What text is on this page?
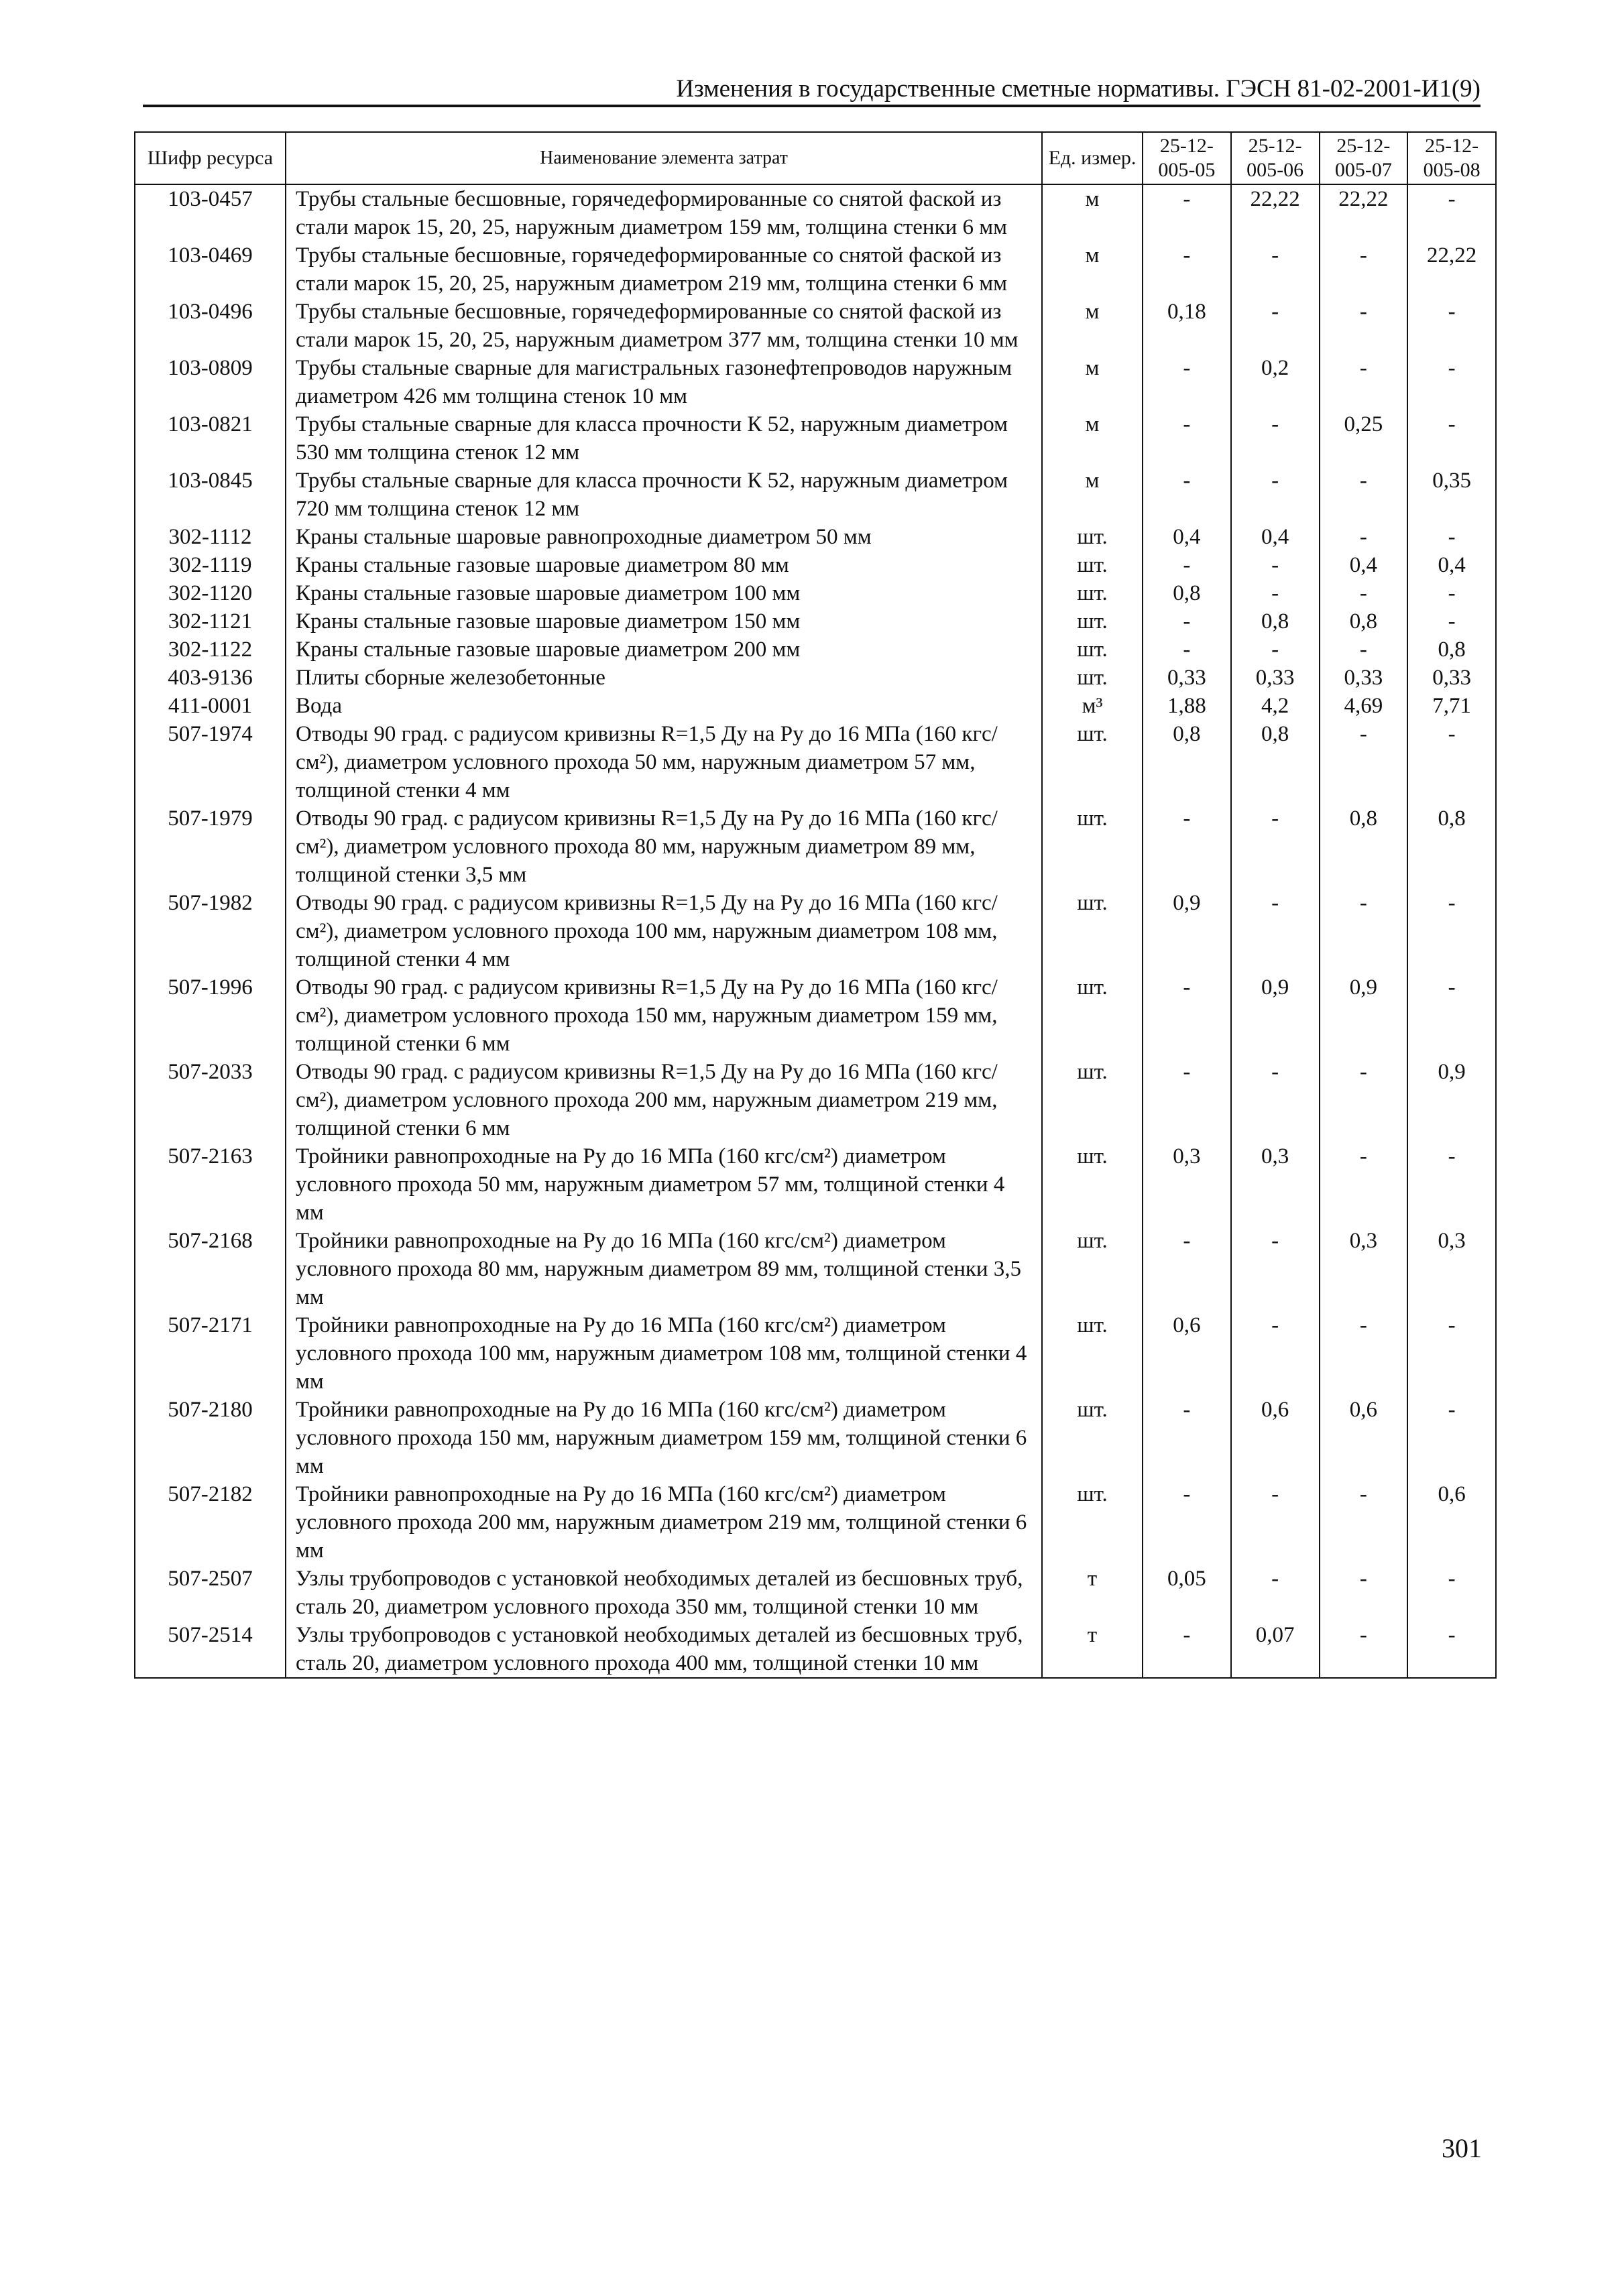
Изменения в государственные сметные нормативы. ГЭСН 81-02-2001-И1(9)
Шифр ресурса	Наименование элемента затрат	Ед. измер.	25-12-005-05	25-12-005-06	25-12-005-07	25-12-005-08
103-0457	Трубы стальные бесшовные, горячедеформированные со снятой фаской из стали марок 15, 20, 25, наружным диаметром 159 мм, толщина стенки 6 мм	м	-	22,22	22,22	-
103-0469	Трубы стальные бесшовные, горячедеформированные со снятой фаской из стали марок 15, 20, 25, наружным диаметром 219 мм, толщина стенки 6 мм	м	-	-	-	22,22
103-0496	Трубы стальные бесшовные, горячедеформированные со снятой фаской из стали марок 15, 20, 25, наружным диаметром 377 мм, толщина стенки 10 мм	м	0,18	-	-	-
103-0809	Трубы стальные сварные для магистральных газонефтепроводов наружным диаметром 426 мм толщина стенок 10 мм	м	-	0,2	-	-
103-0821	Трубы стальные сварные для класса прочности К 52, наружным диаметром 530 мм толщина стенок 12 мм	м	-	-	0,25	-
103-0845	Трубы стальные сварные для класса прочности К 52, наружным диаметром 720 мм толщина стенок 12 мм	м	-	-	-	0,35
302-1112	Краны стальные шаровые равнопроходные диаметром 50 мм	шт.	0,4	0,4	-	-
302-1119	Краны стальные газовые шаровые диаметром 80 мм	шт.	-	-	0,4	0,4
302-1120	Краны стальные газовые шаровые диаметром 100 мм	шт.	0,8	-	-	-
302-1121	Краны стальные газовые шаровые диаметром 150 мм	шт.	-	0,8	0,8	-
302-1122	Краны стальные газовые шаровые диаметром 200 мм	шт.	-	-	-	0,8
403-9136	Плиты сборные железобетонные	шт.	0,33	0,33	0,33	0,33
411-0001	Вода	м³	1,88	4,2	4,69	7,71
507-1974	Отводы 90 град. с радиусом кривизны R=1,5 Ду на Ру до 16 МПа (160 кгс/см²), диаметром условного прохода 50 мм, наружным диаметром 57 мм, толщиной стенки 4 мм	шт.	0,8	0,8	-	-
507-1979	Отводы 90 град. с радиусом кривизны R=1,5 Ду на Ру до 16 МПа (160 кгс/см²), диаметром условного прохода 80 мм, наружным диаметром 89 мм, толщиной стенки 3,5 мм	шт.	-	-	0,8	0,8
507-1982	Отводы 90 град. с радиусом кривизны R=1,5 Ду на Ру до 16 МПа (160 кгс/см²), диаметром условного прохода 100 мм, наружным диаметром 108 мм, толщиной стенки 4 мм	шт.	0,9	-	-	-
507-1996	Отводы 90 град. с радиусом кривизны R=1,5 Ду на Ру до 16 МПа (160 кгс/см²), диаметром условного прохода 150 мм, наружным диаметром 159 мм, толщиной стенки 6 мм	шт.	-	0,9	0,9	-
507-2033	Отводы 90 град. с радиусом кривизны R=1,5 Ду на Ру до 16 МПа (160 кгс/см²), диаметром условного прохода 200 мм, наружным диаметром 219 мм, толщиной стенки 6 мм	шт.	-	-	-	0,9
507-2163	Тройники равнопроходные на Ру до 16 МПа (160 кгс/см²) диаметром условного прохода 50 мм, наружным диаметром 57 мм, толщиной стенки 4 мм	шт.	0,3	0,3	-	-
507-2168	Тройники равнопроходные на Ру до 16 МПа (160 кгс/см²) диаметром условного прохода 80 мм, наружным диаметром 89 мм, толщиной стенки 3,5 мм	шт.	-	-	0,3	0,3
507-2171	Тройники равнопроходные на Ру до 16 МПа (160 кгс/см²) диаметром условного прохода 100 мм, наружным диаметром 108 мм, толщиной стенки 4 мм	шт.	0,6	-	-	-
507-2180	Тройники равнопроходные на Ру до 16 МПа (160 кгс/см²) диаметром условного прохода 150 мм, наружным диаметром 159 мм, толщиной стенки 6 мм	шт.	-	0,6	0,6	-
507-2182	Тройники равнопроходные на Ру до 16 МПа (160 кгс/см²) диаметром условного прохода 200 мм, наружным диаметром 219 мм, толщиной стенки 6 мм	шт.	-	-	-	0,6
507-2507	Узлы трубопроводов с установкой необходимых деталей из бесшовных труб, сталь 20, диаметром условного прохода 350 мм, толщиной стенки 10 мм	т	0,05	-	-	-
507-2514	Узлы трубопроводов с установкой необходимых деталей из бесшовных труб, сталь 20, диаметром условного прохода 400 мм, толщиной стенки 10 мм	т	-	0,07	-	-
301
